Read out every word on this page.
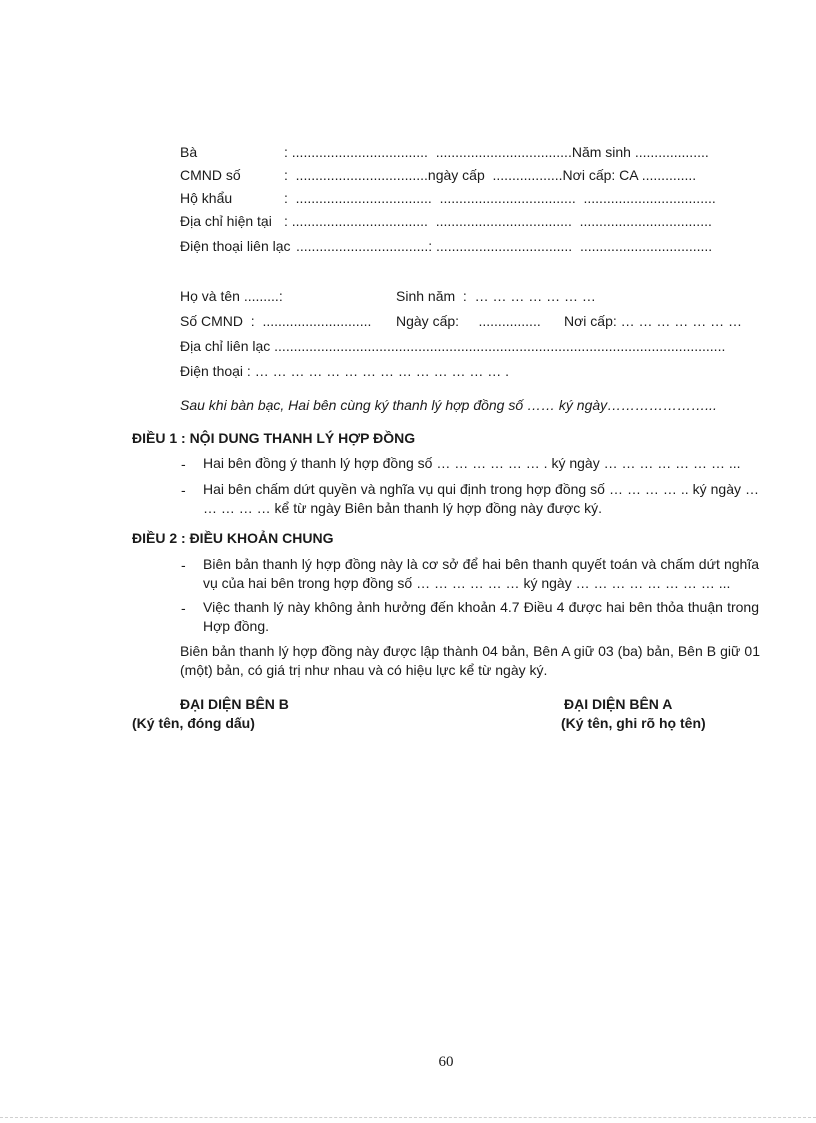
Bà	: ...................................  ...................................Năm sinh ...................
CMND số	:  ..................................ngày cấp  ..................Nơi cấp: CA ..............
Hộ khẩu	:  ...................................  ...................................  ..................................
Địa chỉ hiện tại : ...................................  ...................................  ..................................
Điện thoại liên lạc ..................................: ...................................  ..................................
Họ và tên .........:	Sinh năm  :  … … … … … … …
Số CMND  :  ............................ Ngày cấp:     ................ Nơi cấp: … … … … … … …
Địa chỉ liên lạc ....................................................................................................................
Điện thoại : … … … … … … … … … … … … … … .
Sau khi bàn bạc, Hai bên cùng ký thanh lý hợp đồng số …… ký ngày…………………...
ĐIỀU 1 : NỘI DUNG THANH LÝ HỢP ĐỒNG
- Hai bên đồng ý thanh lý hợp đồng số … … … … … … . ký ngày … … … … … … … ...
- Hai bên chấm dứt quyền và nghĩa vụ qui định trong hợp đồng số … … … … .. ký ngày … … … … … kể từ ngày Biên bản thanh lý hợp đồng này được ký.
ĐIỀU 2 : ĐIỀU KHOẢN CHUNG
- Biên bản thanh lý hợp đồng này là cơ sở để hai bên thanh quyết toán và chấm dứt nghĩa vụ của hai bên trong hợp đồng số … … … … … … ký ngày … … … … … … … … ...
- Việc thanh lý này không ảnh hưởng đến khoản 4.7 Điều 4 được hai bên thỏa thuận trong Hợp đồng.
Biên bản thanh lý hợp đồng này được lập thành 04 bản, Bên A giữ 03 (ba) bản, Bên B giữ 01 (một) bản, có giá trị như nhau và có hiệu lực kể từ ngày ký.
ĐẠI DIỆN BÊN B
(Ký tên, đóng dấu)
ĐẠI DIỆN BÊN A
(Ký tên, ghi rõ họ tên)
60
